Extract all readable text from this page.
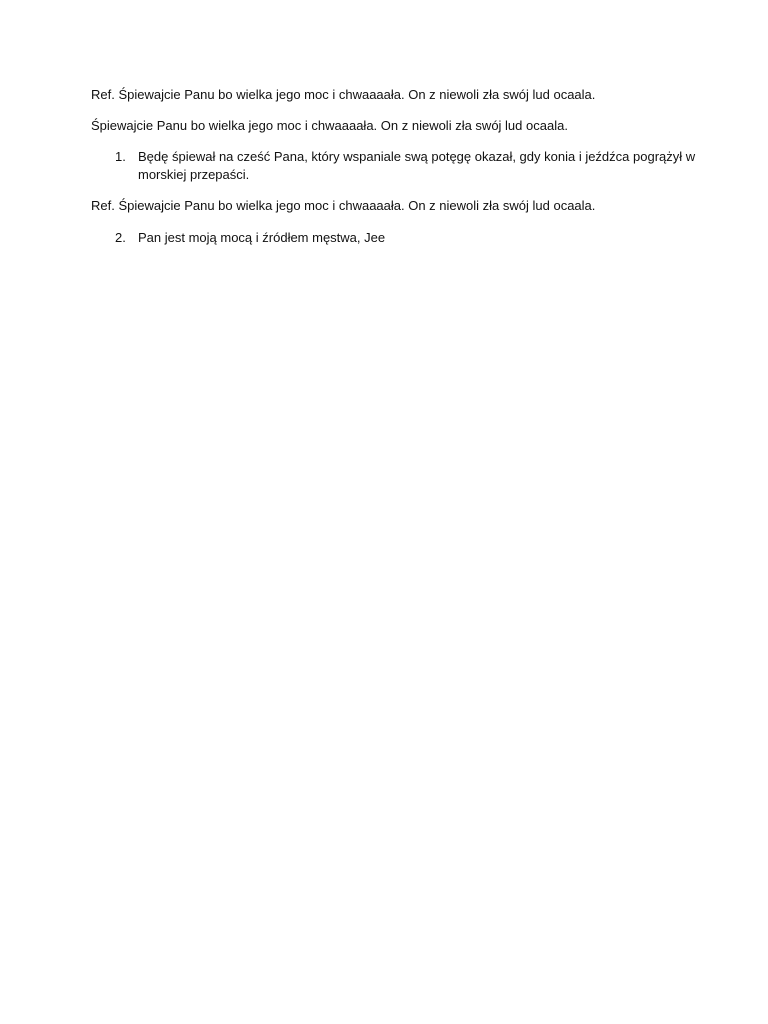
Ref. Śpiewajcie Panu bo wielka jego moc i chwaaaała. On z niewoli zła swój lud ocaala.
Śpiewajcie Panu bo wielka jego moc i chwaaaała. On z niewoli zła swój lud ocaala.
1. Będę śpiewał na cześć Pana, który wspaniale swą potęgę okazał, gdy konia i jeźdźca pogrążył w morskiej przepaści.
Ref. Śpiewajcie Panu bo wielka jego moc i chwaaaała. On z niewoli zła swój lud ocaala.
2. Pan jest moją mocą i źródłem męstwa, Jee
